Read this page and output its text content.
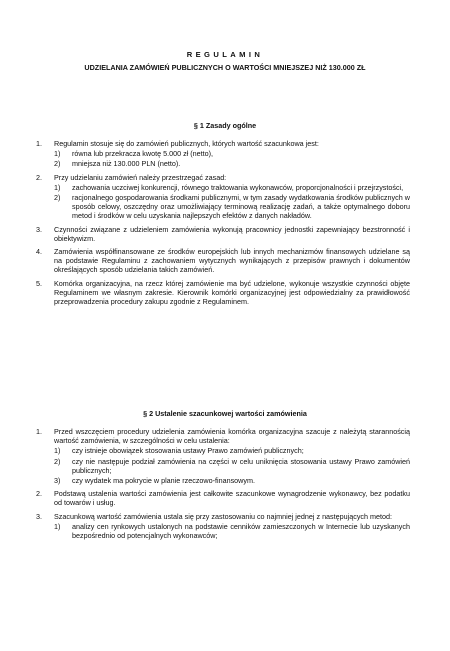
REGULAMIN
UDZIELANIA ZAMÓWIEŃ PUBLICZNYCH O WARTOŚCI MNIEJSZEJ NIŻ 130.000 ZŁ
§ 1 Zasady ogólne
1. Regulamin stosuje się do zamówień publicznych, których wartość szacunkowa jest:
1) równa lub przekracza kwotę 5.000 zł (netto),
2) mniejsza niż 130.000 PLN (netto).
2. Przy udzielaniu zamówień należy przestrzegać zasad:
1) zachowania uczciwej konkurencji, równego traktowania wykonawców, proporcjonalności i przejrzystości,
2) racjonalnego gospodarowania środkami publicznymi, w tym zasady wydatkowania środków publicznych w sposób celowy, oszczędny oraz umożliwiający terminową realizację zadań, a także optymalnego doboru metod i środków w celu uzyskania najlepszych efektów z danych nakładów.
3. Czynności związane z udzieleniem zamówienia wykonują pracownicy jednostki zapewniający bezstronność i obiektywizm.
4. Zamówienia współfinansowane ze środków europejskich lub innych mechanizmów finansowych udzielane są na podstawie Regulaminu z zachowaniem wytycznych wynikających z przepisów prawnych i dokumentów określających sposób udzielania takich zamówień.
5. Komórka organizacyjna, na rzecz której zamówienie ma być udzielone, wykonuje wszystkie czynności objęte Regulaminem we własnym zakresie. Kierownik komórki organizacyjnej jest odpowiedzialny za prawidłowość przeprowadzenia procedury zakupu zgodnie z Regulaminem.
§ 2 Ustalenie szacunkowej wartości zamówienia
1. Przed wszczęciem procedury udzielenia zamówienia komórka organizacyjna szacuje z należytą starannością wartość zamówienia, w szczególności w celu ustalenia:
1) czy istnieje obowiązek stosowania ustawy Prawo zamówień publicznych;
2) czy nie następuje podział zamówienia na części w celu uniknięcia stosowania ustawy Prawo zamówień publicznych;
3) czy wydatek ma pokrycie w planie rzeczowo-finansowym.
2. Podstawą ustalenia wartości zamówienia jest całkowite szacunkowe wynagrodzenie wykonawcy, bez podatku od towarów i usług.
3. Szacunkową wartość zamówienia ustala się przy zastosowaniu co najmniej jednej z następujących metod:
1) analizy cen rynkowych ustalonych na podstawie cenników zamieszczonych w Internecie lub uzyskanych bezpośrednio od potencjalnych wykonawców;
